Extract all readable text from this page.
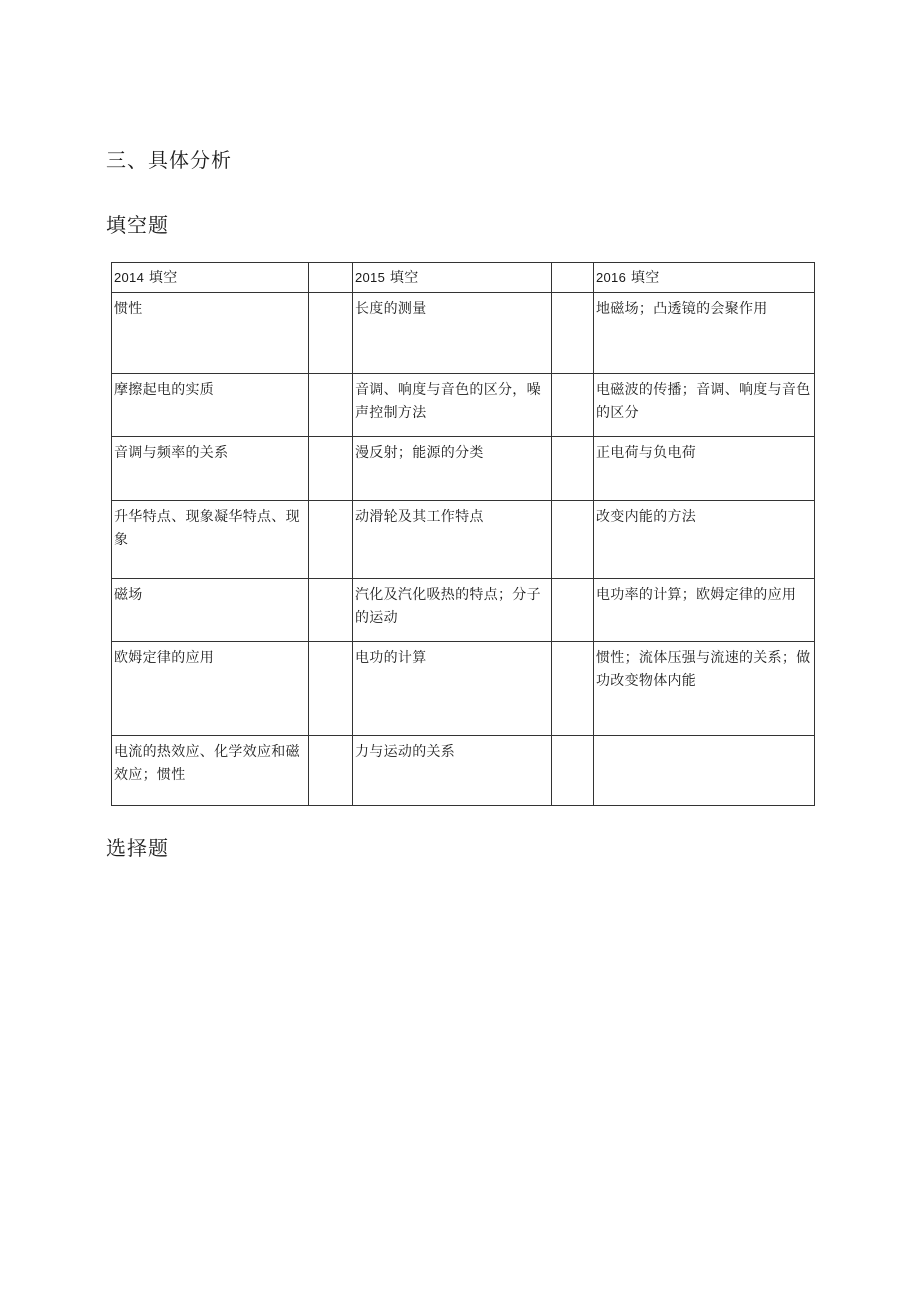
三、具体分析
填空题
2014 填空		2015 填空		2016 填空
惯性		长度的测量		地磁场；凸透镜的会聚作用
摩擦起电的实质		音调、响度与音色的区分，噪声控制方法		电磁波的传播；音调、响度与音色的区分
音调与频率的关系		漫反射；能源的分类		正电荷与负电荷
升华特点、现象凝华特点、现象		动滑轮及其工作特点		改变内能的方法
磁场		汽化及汽化吸热的特点；分子的运动		电功率的计算；欧姆定律的应用
欧姆定律的应用		电功的计算		惯性；流体压强与流速的关系；做功改变物体内能
电流的热效应、化学效应和磁效应；惯性		力与运动的关系		
选择题
